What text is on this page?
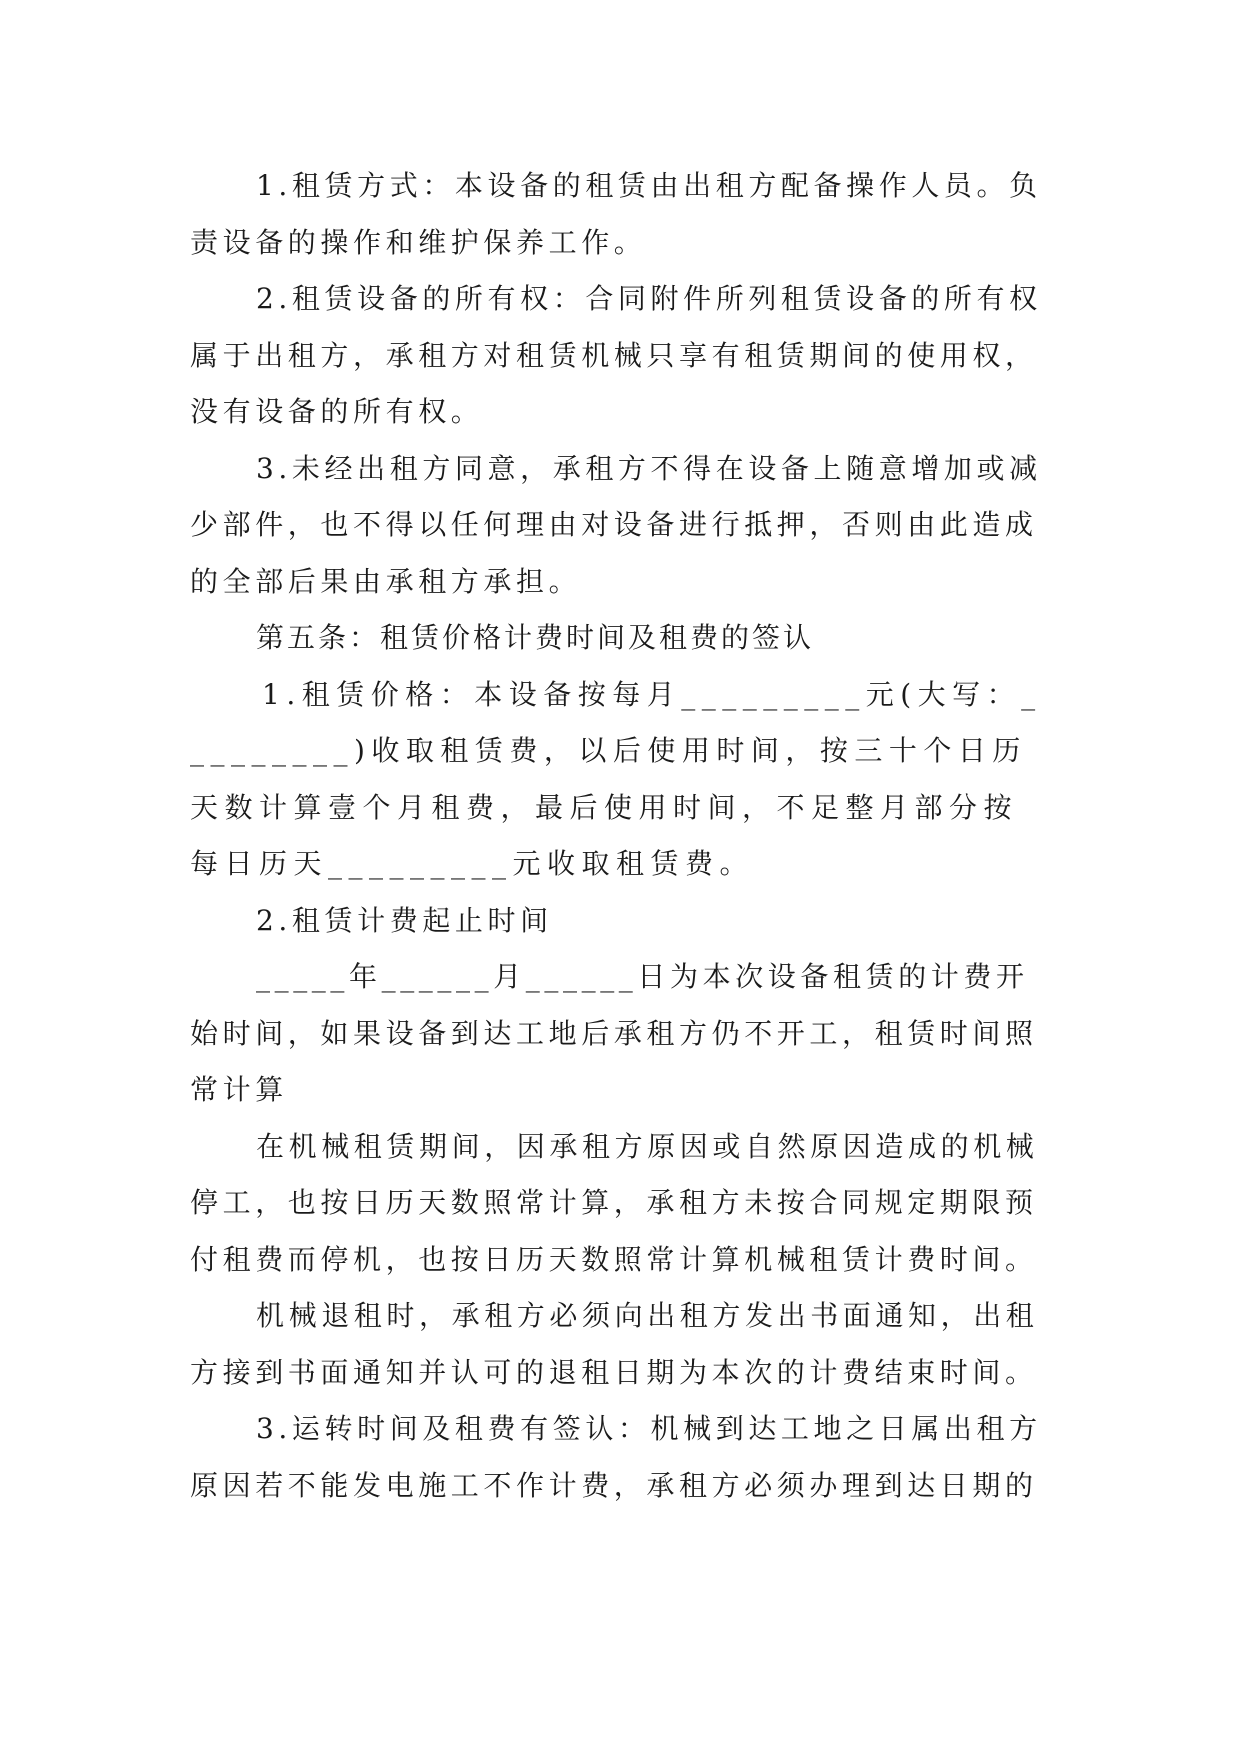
1.租赁方式：本设备的租赁由出租方配备操作人员。负责设备的操作和维护保养工作。

2.租赁设备的所有权：合同附件所列租赁设备的所有权属于出租方，承租方对租赁机械只享有租赁期间的使用权，没有设备的所有权。

3.未经出租方同意，承租方不得在设备上随意增加或减少部件，也不得以任何理由对设备进行抵押，否则由此造成的全部后果由承租方承担。

第五条：租赁价格计费时间及租费的签认

1.租赁价格：本设备按每月_________元(大写：_________)收取租赁费，以后使用时间，按三十个日历天数计算壹个月租费，最后使用时间，不足整月部分按每日历天_________元收取租赁费。

2.租赁计费起止时间

_____年______月______日为本次设备租赁的计费开始时间，如果设备到达工地后承租方仍不开工，租赁时间照常计算

在机械租赁期间，因承租方原因或自然原因造成的机械停工，也按日历天数照常计算，承租方未按合同规定期限预付租费而停机，也按日历天数照常计算机械租赁计费时间。

机械退租时，承租方必须向出租方发出书面通知，出租方接到书面通知并认可的退租日期为本次的计费结束时间。

3.运转时间及租费有签认：机械到达工地之日属出租方原因若不能发电施工不作计费，承租方必须办理到达日期的
